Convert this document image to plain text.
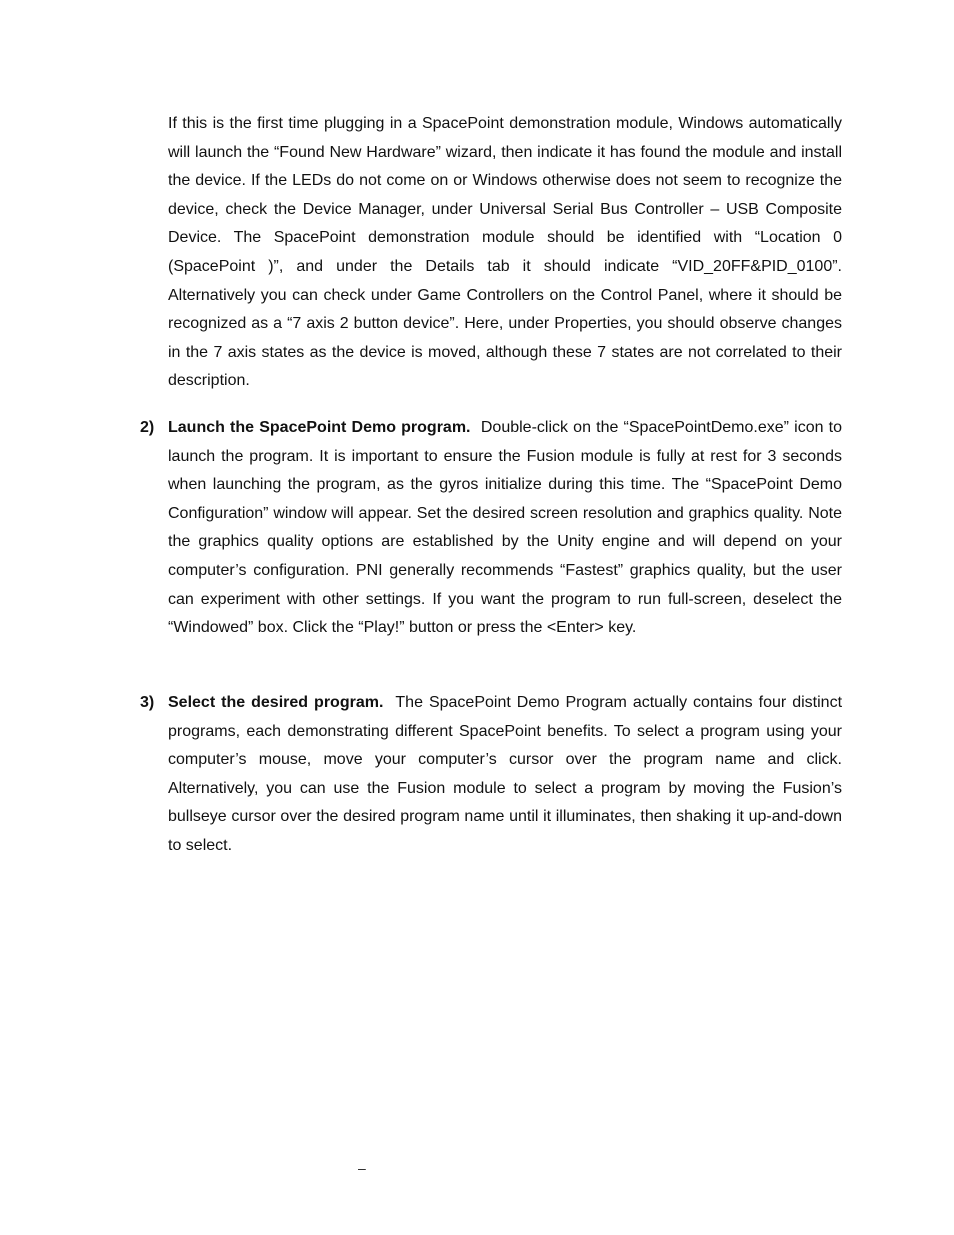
If this is the first time plugging in a SpacePoint demonstration module, Windows automatically will launch the “Found New Hardware” wizard, then indicate it has found the module and install the device. If the LEDs do not come on or Windows otherwise does not seem to recognize the device, check the Device Manager, under Universal Serial Bus Controller – USB Composite Device. The SpacePoint demonstration module should be identified with “Location 0 (SpacePoint )”, and under the Details tab it should indicate “VID_20FF&PID_0100”. Alternatively you can check under Game Controllers on the Control Panel, where it should be recognized as a “7 axis 2 button device”. Here, under Properties, you should observe changes in the 7 axis states as the device is moved, although these 7 states are not correlated to their description.

2) Launch the SpacePoint Demo program. Double-click on the “SpacePointDemo.exe” icon to launch the program. It is important to ensure the Fusion module is fully at rest for 3 seconds when launching the program, as the gyros initialize during this time. The “SpacePoint Demo Configuration” window will appear. Set the desired screen resolution and graphics quality. Note the graphics quality options are established by the Unity engine and will depend on your computer’s configuration. PNI generally recommends “Fastest” graphics quality, but the user can experiment with other settings. If you want the program to run full-screen, deselect the “Windowed” box. Click the “Play!” button or press the <Enter> key.

3) Select the desired program. The SpacePoint Demo Program actually contains four distinct programs, each demonstrating different SpacePoint benefits. To select a program using your computer’s mouse, move your computer’s cursor over the program name and click. Alternatively, you can use the Fusion module to select a program by moving the Fusion’s bullseye cursor over the desired program name until it illuminates, then shaking it up-and-down to select.

–
